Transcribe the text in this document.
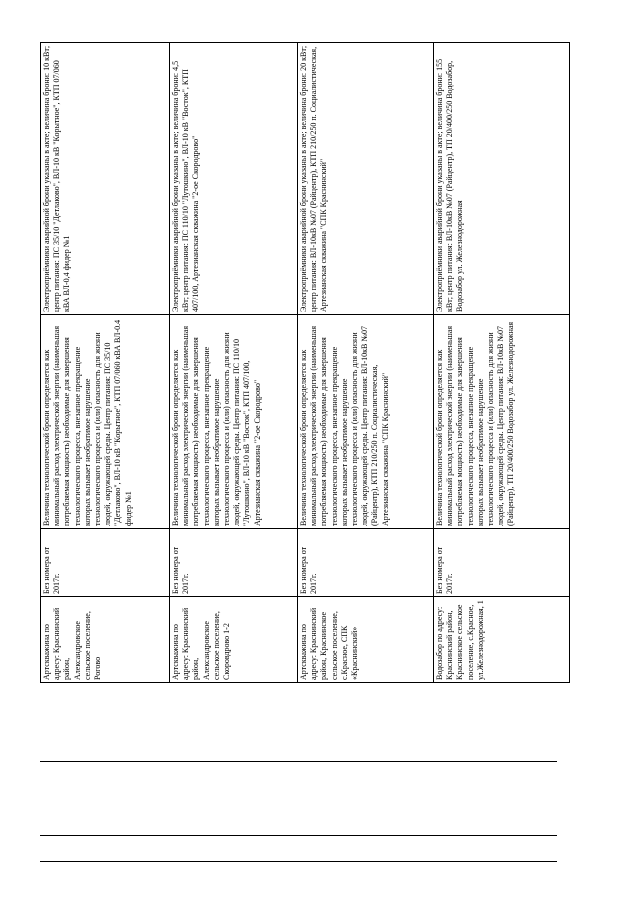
Артскважина по адресу: Краснинский район, Александровское сельское поселение, Роговo	Без номера от 2017г.	Величина технологической брони определяется как минимальный расход электрической энергии (наименьшая потребляемая мощность) необходимые для завершения технологического процесса, внезапное прекращение которых вызывает необратимое нарушение технологического процесса и (или) опасность для жизни людей, окружающей среды. Центр питания: ПС 35/10 "Детлаково", ВЛ-10 кВ "Корытное", КТП 07/060 кВА ВЛ-0.4 фидер №1	Электроприёмники аварийной брони указаны в акте; величина брони: 10 кВт; центр питания: ПС 35/10 "Детлаково", ВЛ-10 кВ "Корытное", КТП 07/060 кВА ВЛ-0,4 фидер №1
Артскважина по адресу: Краснинский район, Александровское сельское поселение, Скоровдрово 1-2	Без номера от 2017г.	Величина технологической брони определяется как минимальный расход электрической энергии (наименьшая потребляемая мощность) необходимые для завершения технологического процесса, внезапное прекращение которых вызывает необратимое нарушение технологического процесса и (или) опасность для жизни людей, окружающей среды. Центр питания: ПС 110/10 "Лутошкино", ВЛ-10 кВ "Восток", КТП 407/100, Артезианская скважина "2-ое Скородрово"	Электроприёмники аварийной брони указаны в акте; величина брони: 4,5 кВт; центр питания: ПС 110/10 "Лутошкино", ВЛ-10 кВ "Восток", КТП 407/100, Артезианская скважина "2-ое Скородрово"
Артскважина по адресу: Краснинский район, Краснинское сельское поселение, с.Красное, СПК «Краснинский»	Без номера от 2017г.	Величина технологической брони определяется как минимальный расход электрической энергии (наименьшая потребляемая мощность) необходимые для завершения технологического процесса, внезапное прекращение которых вызывает необратимое нарушение технологического процесса и (или) опасность для жизни людей, окружающей среды. Центр питания: ВЛ-10кВ №07 (Райцентр), КТП 210/250 п. Социалистическая, Артезианская скважина "СПК Краснинский"	Электроприёмники аварийной брони указаны в акте; величина брони: 20 кВт; центр питания: ВЛ-10кВ №07 (Райцентр), КТП 210/250 п. Социалистическая, Артезианская скважина "СПК Краснинский"
Водозабор по адресу: Краснинский район, Краснинское сельское поселение, с.Красное, ул.Железнодорожная, 1	Без номера от 2017г.	Величина технологической брони определяется как минимальный расход электрической энергии (наименьшая потребляемая мощность) необходимые для завершения технологического процесса, внезапное прекращение которых вызывает необратимое нарушение технологического процесса и (или) опасность для жизни людей, окружающей среды. Центр питания: ВЛ-10кВ №07 (Райцентр), ТП 20/400/250 Водозабор ул. Железнодорожная	Электроприёмники аварийной брони указаны в акте; величина брони: 155 кВт; центр питания: ВЛ-10кВ №07 (Райцентр), ТП 20/400/250 Водозабор, Водозабор ул. Железнодорожная
